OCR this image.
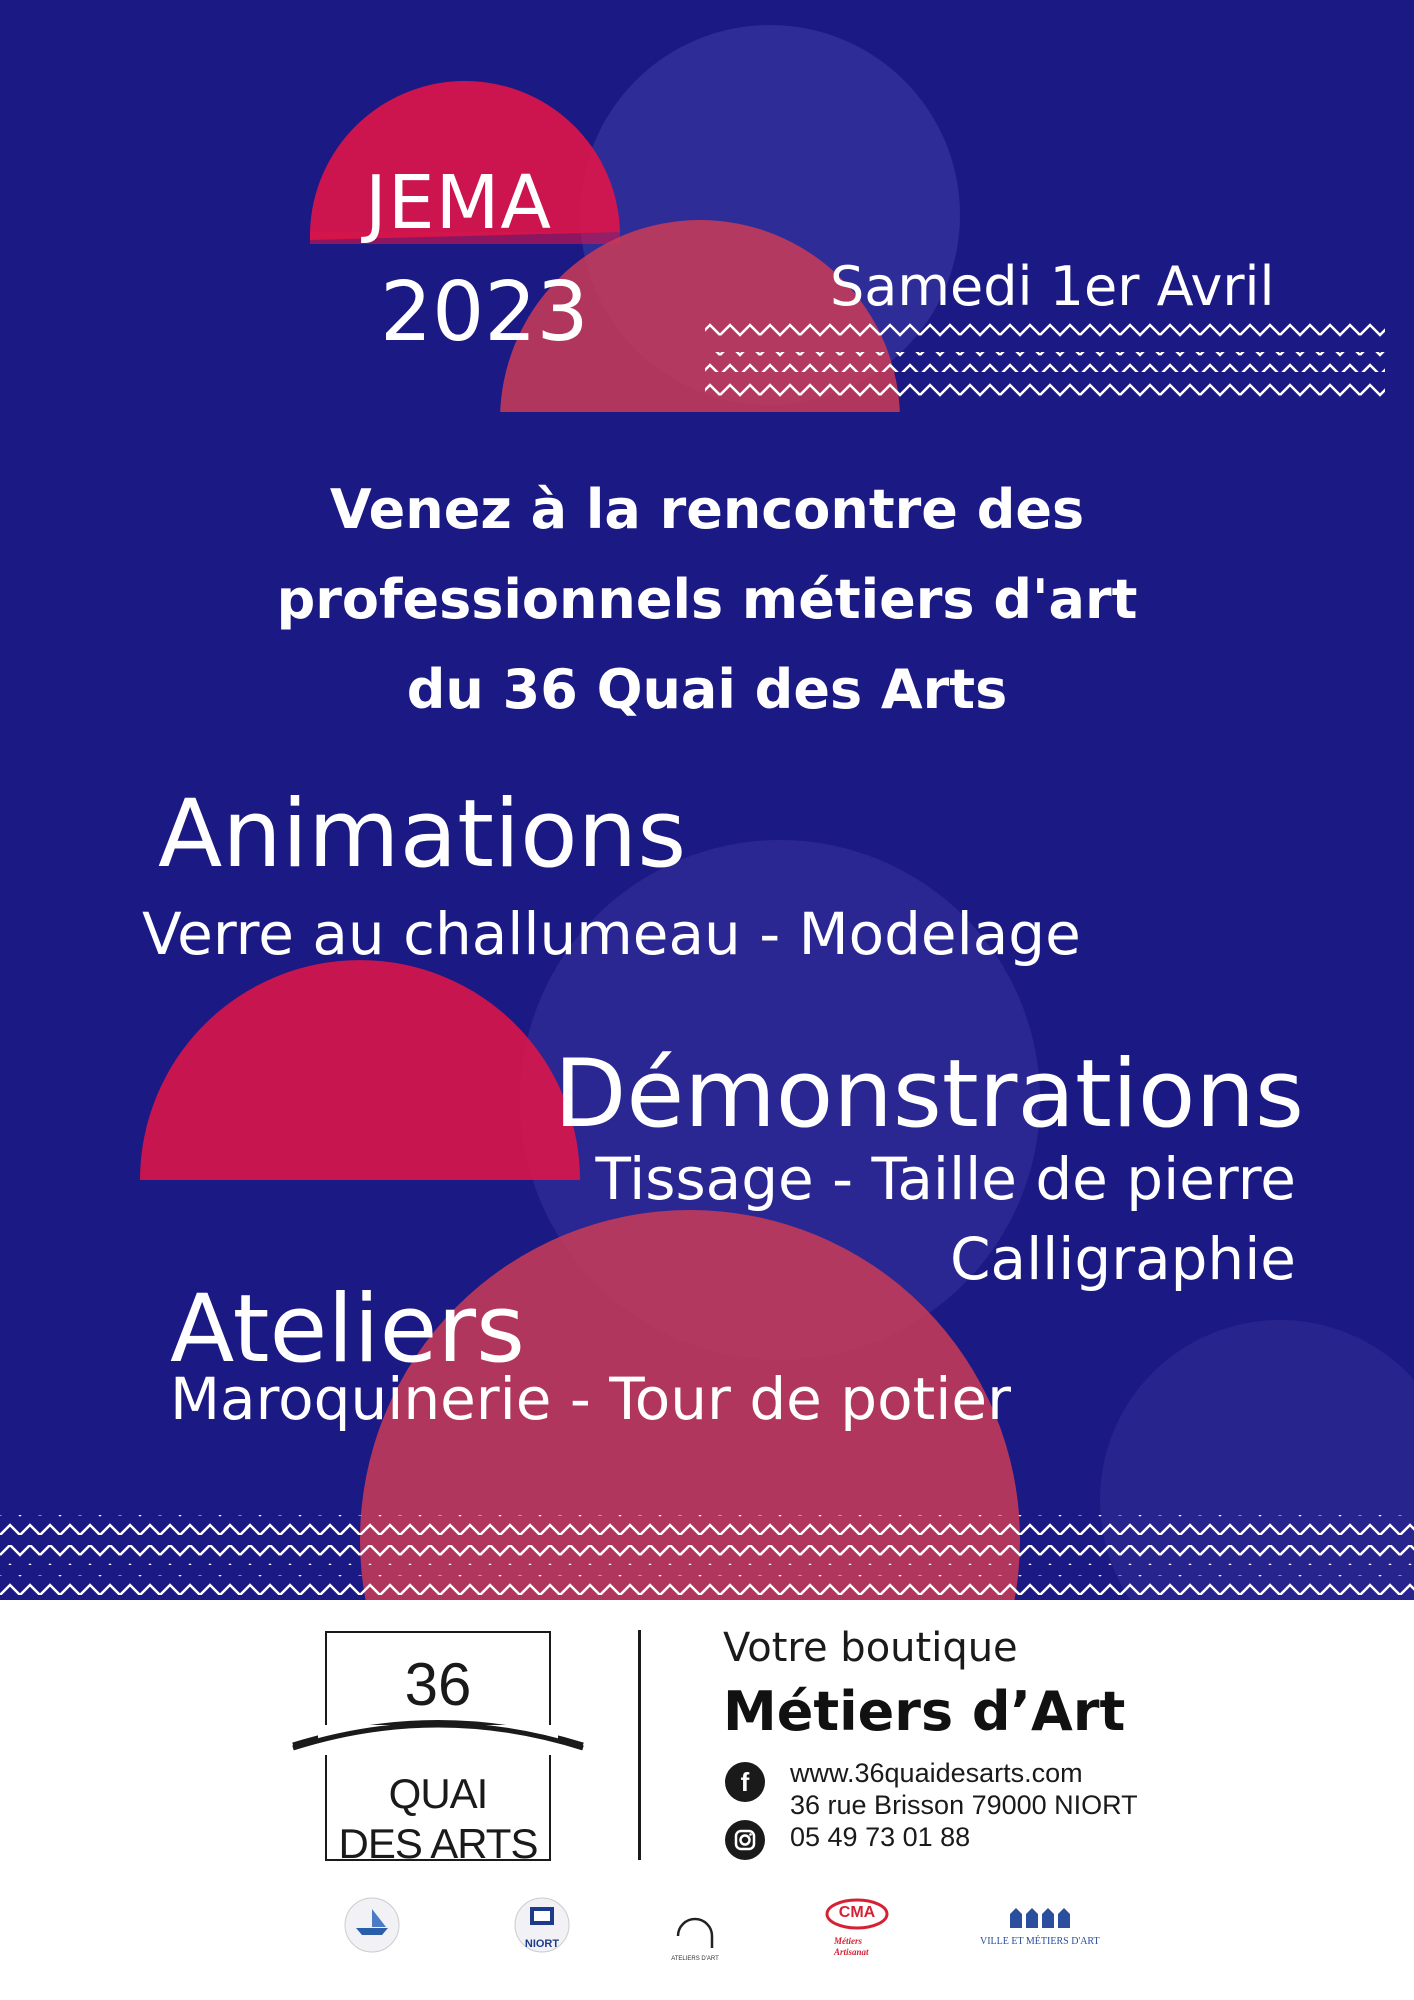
JEMA
2023	Samedi 1er Avril
Venez à la rencontre des
professionnels métiers d'art
du 36 Quai des Arts
Animations
Verre au challumeau - Modelage
Démonstrations
Tissage - Taille de pierre
Calligraphie
Ateliers
Maroquinerie - Tour de potier
36
QUAI
DES ARTS
Votre boutique
Métiers d’Art
f	www.36quaidesarts.com
36 rue Brisson 79000 NIORT
05 49 73 01 88
NIORT
ATELIERS D'ART
CMA
Métiers
Artisanat
VILLE ET MÉTIERS D'ART
